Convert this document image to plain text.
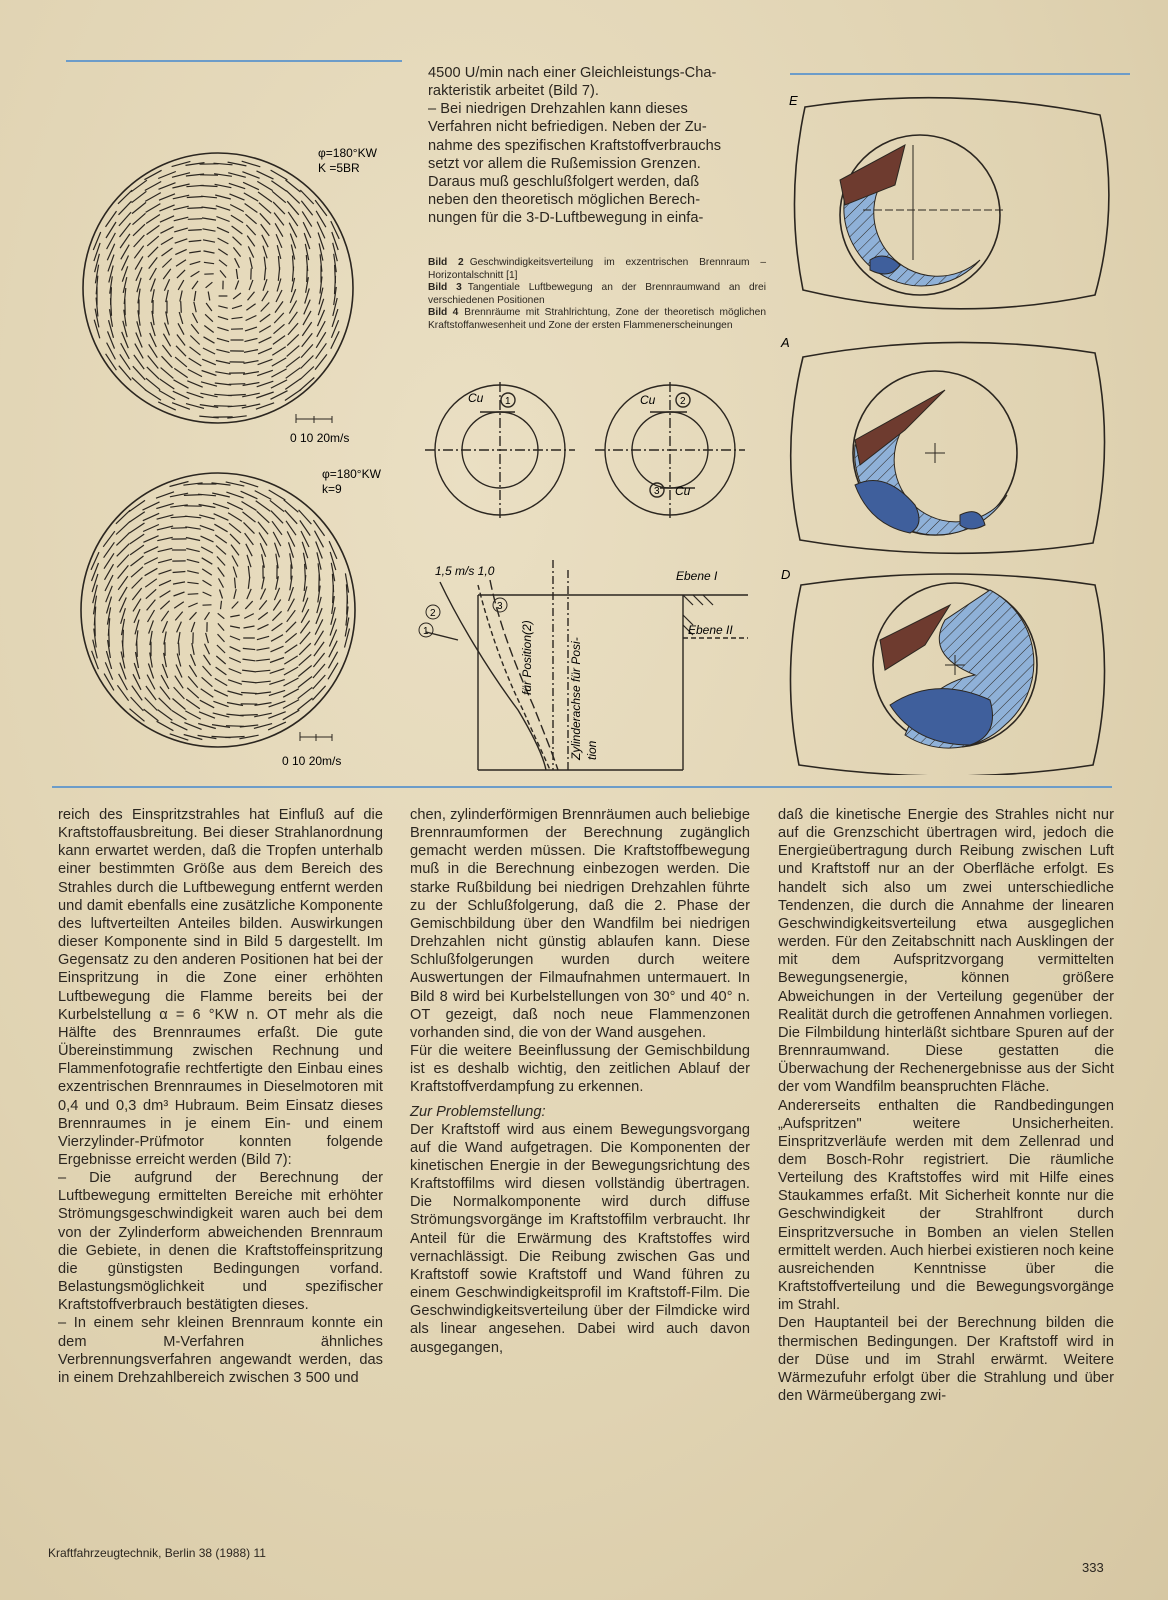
φ=180°KW
K =5BR
0 10 20m/s
φ=180°KW
k=9
0 10 20m/s

4500 U/min nach einer Gleichleistungs-Cha-

rakteristik arbeitet (Bild 7).

– Bei niedrigen Drehzahlen kann dieses

Verfahren nicht befriedigen. Neben der Zu-

nahme des spezifischen Kraftstoffverbrauchs

setzt vor allem die Rußemission Grenzen.

Daraus muß geschlußfolgert werden, daß

neben den theoretisch möglichen Berech-

nungen für die 3-D-Luftbewegung in einfa-

Bild 2 Geschwindigkeitsverteilung im exzentrischen Brennraum – Horizontalschnitt [1]

Bild 3 Tangentiale Luftbewegung an der Brennraumwand an drei verschiedenen Positionen

Bild 4 Brennräume mit Strahlrichtung, Zone der theoretisch möglichen Kraftstoffanwesenheit und Zone der ersten Flammenerscheinungen

Cu 1	Cu 2
3 Cu
1,5 m/s 1,0
2
1
3
Ebene I
Ebene II
für Position(2)	Zylinderachse für Posi- tion
E
A
D

reich des Einspritzstrahles hat Einfluß auf die Kraftstoffausbreitung. Bei dieser Strahlanordnung kann erwartet werden, daß die Tropfen unterhalb einer bestimmten Größe aus dem Bereich des Strahles durch die Luftbewegung entfernt werden und damit ebenfalls eine zusätzliche Komponente des luftverteilten Anteiles bilden. Auswirkungen dieser Komponente sind in Bild 5 dargestellt. Im Gegensatz zu den anderen Positionen hat bei der Einspritzung in die Zone einer erhöhten Luftbewegung die Flamme bereits bei der Kurbelstellung α = 6 °KW n. OT mehr als die Hälfte des Brennraumes erfaßt. Die gute Übereinstimmung zwischen Rechnung und Flammenfotografie rechtfertigte den Einbau eines exzentrischen Brennraumes in Dieselmotoren mit 0,4 und 0,3 dm³ Hubraum. Beim Einsatz dieses Brennraumes in je einem Ein- und einem Vierzylinder-Prüfmotor konnten folgende Ergebnisse erreicht werden (Bild 7):

– Die aufgrund der Berechnung der Luftbewegung ermittelten Bereiche mit erhöhter Strömungsgeschwindigkeit waren auch bei dem von der Zylinderform abweichenden Brennraum die Gebiete, in denen die Kraftstoffeinspritzung die günstigsten Bedingungen vorfand. Belastungsmöglichkeit und spezifischer Kraftstoffverbrauch bestätigten dieses.

– In einem sehr kleinen Brennraum konnte ein dem M-Verfahren ähnliches Verbrennungsverfahren angewandt werden, das in einem Drehzahlbereich zwischen 3 500 und

chen, zylinderförmigen Brennräumen auch beliebige Brennraumformen der Berechnung zugänglich gemacht werden müssen. Die Kraftstoffbewegung muß in die Berechnung einbezogen werden. Die starke Rußbildung bei niedrigen Drehzahlen führte zu der Schlußfolgerung, daß die 2. Phase der Gemischbildung über den Wandfilm bei niedrigen Drehzahlen nicht günstig ablaufen kann. Diese Schlußfolgerungen wurden durch weitere Auswertungen der Filmaufnahmen untermauert. In Bild 8 wird bei Kurbelstellungen von 30° und 40° n. OT gezeigt, daß noch neue Flammenzonen vorhanden sind, die von der Wand ausgehen.

Für die weitere Beeinflussung der Gemischbildung ist es deshalb wichtig, den zeitlichen Ablauf der Kraftstoffverdampfung zu erkennen.

Zur Problemstellung:

Der Kraftstoff wird aus einem Bewegungsvorgang auf die Wand aufgetragen. Die Komponenten der kinetischen Energie in der Bewegungsrichtung des Kraftstoffilms wird diesen vollständig übertragen. Die Normalkomponente wird durch diffuse Strömungsvorgänge im Kraftstoffilm verbraucht. Ihr Anteil für die Erwärmung des Kraftstoffes wird vernachlässigt. Die Reibung zwischen Gas und Kraftstoff sowie Kraftstoff und Wand führen zu einem Geschwindigkeitsprofil im Kraftstoff-Film. Die Geschwindigkeitsverteilung über der Filmdicke wird als linear angesehen. Dabei wird auch davon ausgegangen,

daß die kinetische Energie des Strahles nicht nur auf die Grenzschicht übertragen wird, jedoch die Energieübertragung durch Reibung zwischen Luft und Kraftstoff nur an der Oberfläche erfolgt. Es handelt sich also um zwei unterschiedliche Tendenzen, die durch die Annahme der linearen Geschwindigkeitsverteilung etwa ausgeglichen werden. Für den Zeitabschnitt nach Ausklingen der mit dem Aufspritzvorgang vermittelten Bewegungsenergie, können größere Abweichungen in der Verteilung gegenüber der Realität durch die getroffenen Annahmen vorliegen.

Die Filmbildung hinterläßt sichtbare Spuren auf der Brennraumwand. Diese gestatten die Überwachung der Rechenergebnisse aus der Sicht der vom Wandfilm beanspruchten Fläche.

Andererseits enthalten die Randbedingungen „Aufspritzen" weitere Unsicherheiten. Einspritzverläufe werden mit dem Zellenrad und dem Bosch-Rohr registriert. Die räumliche Verteilung des Kraftstoffes wird mit Hilfe eines Staukammes erfaßt. Mit Sicherheit konnte nur die Geschwindigkeit der Strahlfront durch Einspritzversuche in Bomben an vielen Stellen ermittelt werden. Auch hierbei existieren noch keine ausreichenden Kenntnisse über die Kraftstoffverteilung und die Bewegungsvorgänge im Strahl.

Den Hauptanteil bei der Berechnung bilden die thermischen Bedingungen. Der Kraftstoff wird in der Düse und im Strahl erwärmt. Weitere Wärmezufuhr erfolgt über die Strahlung und über den Wärmeübergang zwi-

Kraftfahrzeugtechnik, Berlin 38 (1988) 11
333
